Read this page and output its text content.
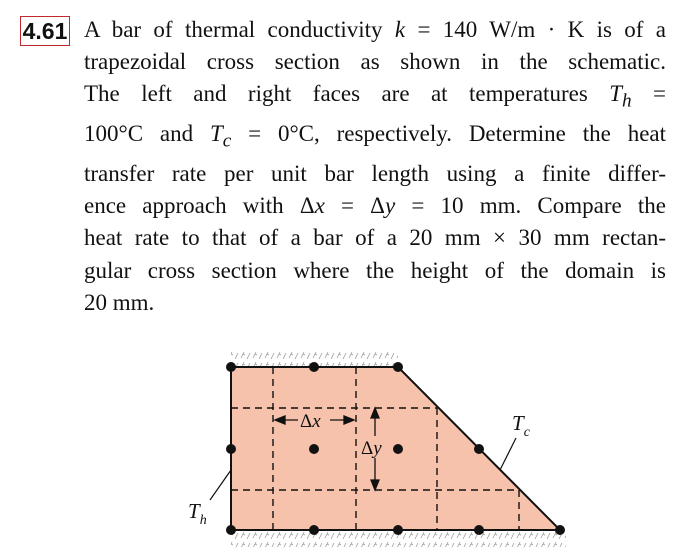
4.61 A bar of thermal conductivity k = 140 W/m · K is of a
trapezoidal cross section as shown in the schematic.
The left and right faces are at temperatures $T_h$ =
100°C and $T_c = 0^\circ C$, respectively. Determine the heat
transfer rate per unit bar length using a finite differ-
ence approach with Δx = Δy = 10 mm. Compare the
heat rate to that of a bar of a 20 mm × 30 mm rectan-
gular cross section where the height of the domain is
20 mm.

Δx
Δy
$T_h$
$T_c$
